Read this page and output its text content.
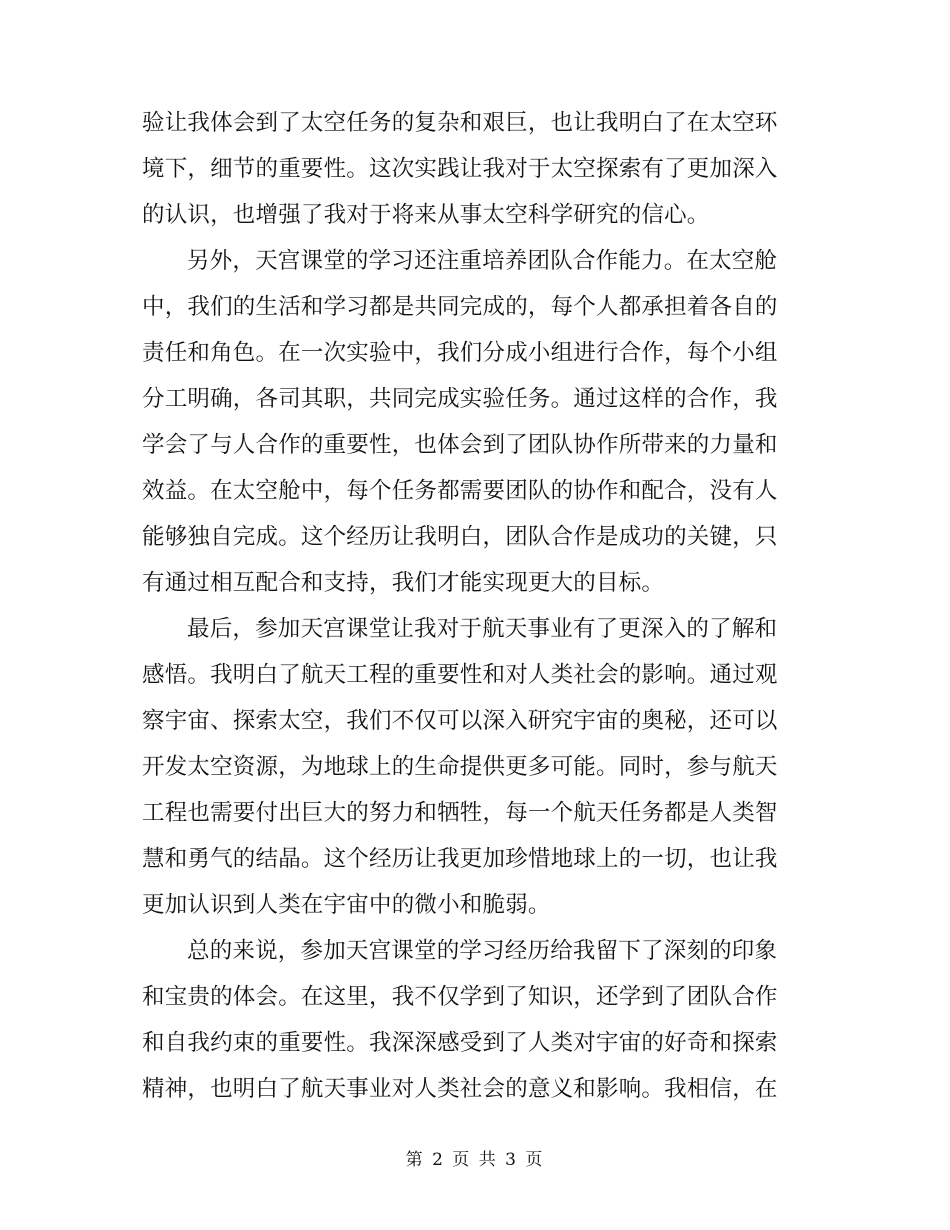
验让我体会到了太空任务的复杂和艰巨，也让我明白了在太空环
境下，细节的重要性。这次实践让我对于太空探索有了更加深入
的认识，也增强了我对于将来从事太空科学研究的信心。
另外，天宫课堂的学习还注重培养团队合作能力。在太空舱
中，我们的生活和学习都是共同完成的，每个人都承担着各自的
责任和角色。在一次实验中，我们分成小组进行合作，每个小组
分工明确，各司其职，共同完成实验任务。通过这样的合作，我
学会了与人合作的重要性，也体会到了团队协作所带来的力量和
效益。在太空舱中，每个任务都需要团队的协作和配合，没有人
能够独自完成。这个经历让我明白，团队合作是成功的关键，只
有通过相互配合和支持，我们才能实现更大的目标。
最后，参加天宫课堂让我对于航天事业有了更深入的了解和
感悟。我明白了航天工程的重要性和对人类社会的影响。通过观
察宇宙、探索太空，我们不仅可以深入研究宇宙的奥秘，还可以
开发太空资源，为地球上的生命提供更多可能。同时，参与航天
工程也需要付出巨大的努力和牺牲，每一个航天任务都是人类智
慧和勇气的结晶。这个经历让我更加珍惜地球上的一切，也让我
更加认识到人类在宇宙中的微小和脆弱。
总的来说，参加天宫课堂的学习经历给我留下了深刻的印象
和宝贵的体会。在这里，我不仅学到了知识，还学到了团队合作
和自我约束的重要性。我深深感受到了人类对宇宙的好奇和探索
精神，也明白了航天事业对人类社会的意义和影响。我相信，在
第 2 页 共 3 页
